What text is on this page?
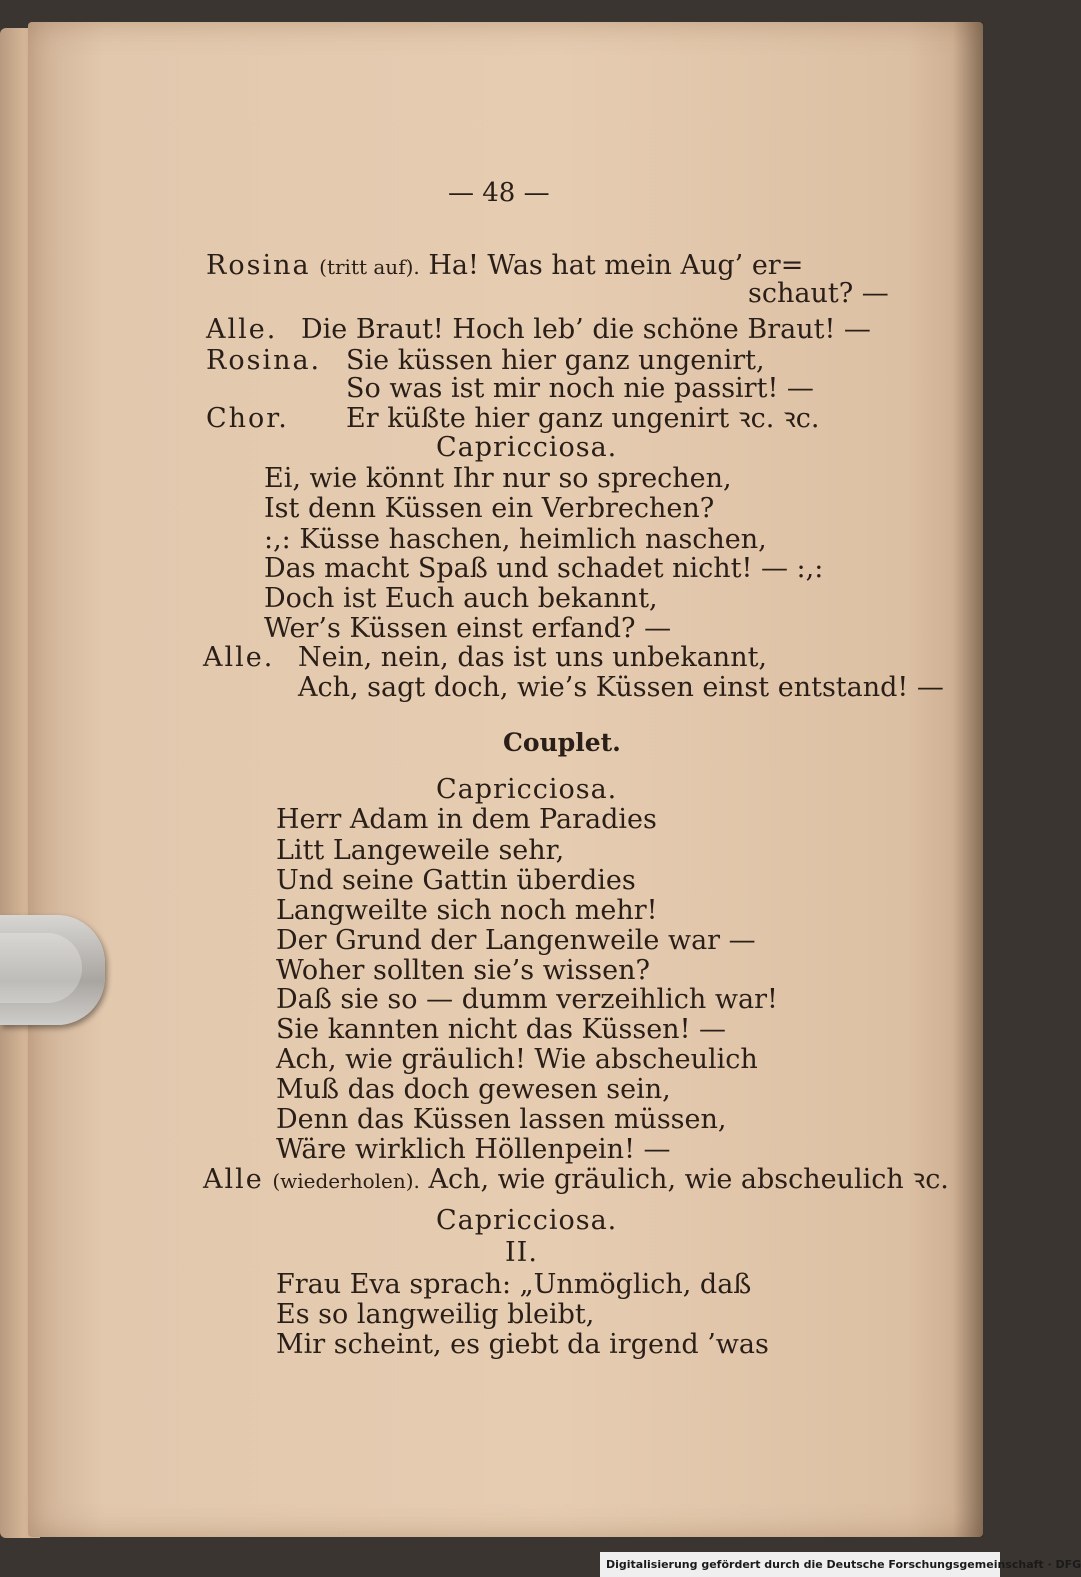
— 48 —
Rosina (tritt auf). Ha! Was hat mein Aug’ er=
schaut? —
Alle. Die Braut! Hoch leb’ die schöne Braut! —
Rosina. Sie küssen hier ganz ungenirt,
So was ist mir noch nie passirt! —
Chor. Er küßte hier ganz ungenirt ꝛc. ꝛc.
Capricciosa.
Ei, wie könnt Ihr nur so sprechen,
Ist denn Küssen ein Verbrechen?
:,: Küsse haschen, heimlich naschen,
Das macht Spaß und schadet nicht! — :,:
Doch ist Euch auch bekannt,
Wer’s Küssen einst erfand? —
Alle. Nein, nein, das ist uns unbekannt,
Ach, sagt doch, wie’s Küssen einst entstand! —
Couplet.
Capricciosa.
Herr Adam in dem Paradies
Litt Langeweile sehr,
Und seine Gattin überdies
Langweilte sich noch mehr!
Der Grund der Langenweile war —
Woher sollten sie’s wissen?
Daß sie so — dumm verzeihlich war!
Sie kannten nicht das Küssen! —
Ach, wie gräulich! Wie abscheulich
Muß das doch gewesen sein,
Denn das Küssen lassen müssen,
Wäre wirklich Höllenpein! —
Alle (wiederholen). Ach, wie gräulich, wie abscheulich ꝛc.
Capricciosa.
II.
Frau Eva sprach: „Unmöglich, daß
Es so langweilig bleibt,
Mir scheint, es giebt da irgend ’was
Digitalisierung gefördert durch die Deutsche Forschungsgemeinschaft · DFG
